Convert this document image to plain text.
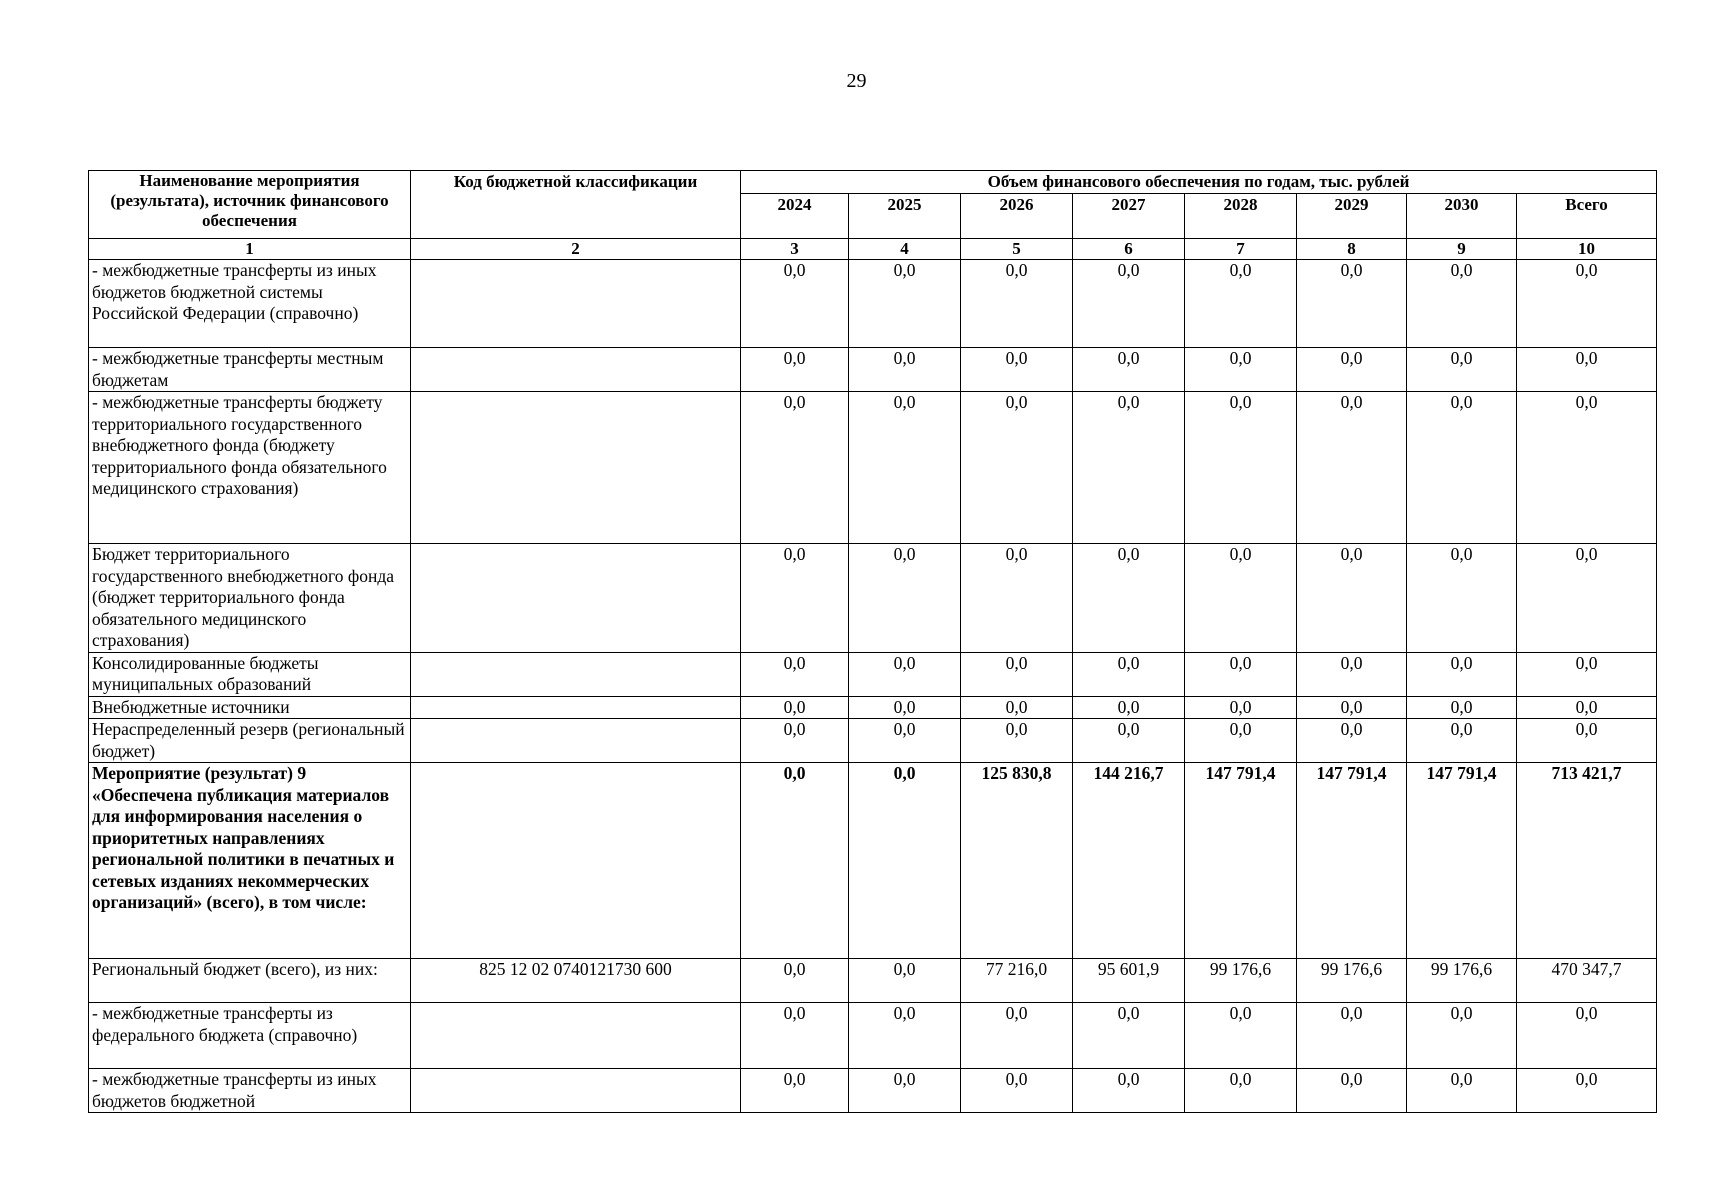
29
Наименование мероприятия (результата), источник финансового обеспечения	Код бюджетной классификации	Объем финансового обеспечения по годам, тыс. рублей							
		2024	2025	2026	2027	2028	2029	2030	Всего
1	2	3	4	5	6	7	8	9	10
- межбюджетные трансферты из иных бюджетов бюджетной системы Российской Федерации (справочно)		0,0	0,0	0,0	0,0	0,0	0,0	0,0	0,0
- межбюджетные трансферты местным бюджетам		0,0	0,0	0,0	0,0	0,0	0,0	0,0	0,0
- межбюджетные трансферты бюджету территориального государственного внебюджетного фонда (бюджету территориального фонда обязательного медицинского страхования)		0,0	0,0	0,0	0,0	0,0	0,0	0,0	0,0
Бюджет территориального государственного внебюджетного фонда (бюджет территориального фонда обязательного медицинского страхования)		0,0	0,0	0,0	0,0	0,0	0,0	0,0	0,0
Консолидированные бюджеты муниципальных образований		0,0	0,0	0,0	0,0	0,0	0,0	0,0	0,0
Внебюджетные источники		0,0	0,0	0,0	0,0	0,0	0,0	0,0	0,0
Нераспределенный резерв (региональный бюджет)		0,0	0,0	0,0	0,0	0,0	0,0	0,0	0,0
Мероприятие (результат) 9 «Обеспечена публикация материалов для информирования населения о приоритетных направлениях региональной политики в печатных и сетевых изданиях некоммерческих организаций» (всего), в том числе:		0,0	0,0	125 830,8	144 216,7	147 791,4	147 791,4	147 791,4	713 421,7
Региональный бюджет (всего), из них:	825 12 02 0740121730 600	0,0	0,0	77 216,0	95 601,9	99 176,6	99 176,6	99 176,6	470 347,7
- межбюджетные трансферты из федерального бюджета (справочно)		0,0	0,0	0,0	0,0	0,0	0,0	0,0	0,0
- межбюджетные трансферты из иных бюджетов бюджетной		0,0	0,0	0,0	0,0	0,0	0,0	0,0	0,0
